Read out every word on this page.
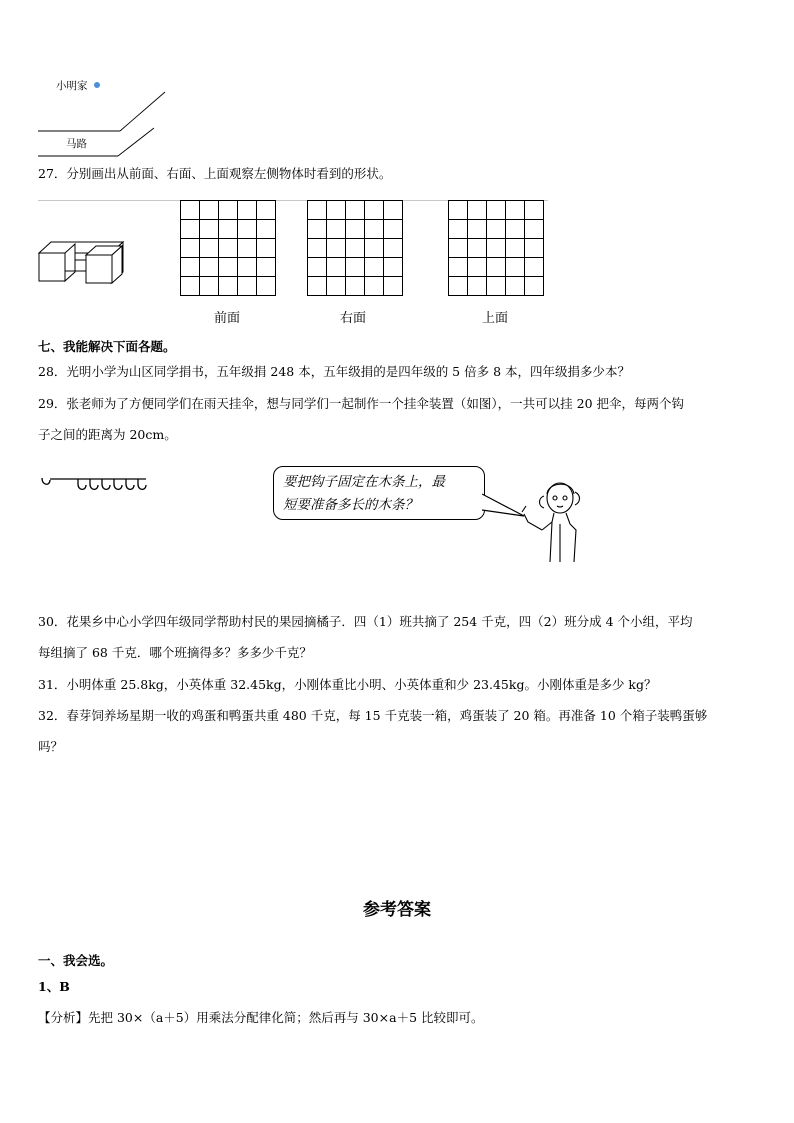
小明家
马路
27．分别画出从前面、右面、上面观察左侧物体时看到的形状。

前面	右面	上面
七、我能解决下面各题。
28．光明小学为山区同学捐书，五年级捐 248 本，五年级捐的是四年级的 5 倍多 8 本，四年级捐多少本？
29．张老师为了方便同学们在雨天挂伞，想与同学们一起制作一个挂伞装置（如图），一共可以挂 20 把伞，每两个钩
子之间的距离为 20cm。
要把钩子固定在木条上，最
短要准备多长的木条？
30．花果乡中心小学四年级同学帮助村民的果园摘橘子．四（1）班共摘了 254 千克，四（2）班分成 4 个小组，平均
每组摘了 68 千克．哪个班摘得多？多多少千克？
31．小明体重 25.8kg，小英体重 32.45kg，小刚体重比小明、小英体重和少 23.45kg。小刚体重是多少 kg？
32．春芽饲养场星期一收的鸡蛋和鸭蛋共重 480 千克，每 15 千克装一箱，鸡蛋装了 20 箱。再准备 10 个箱子装鸭蛋够
吗？
参考答案
一、我会选。
1、B
【分析】先把 30×（a＋5）用乘法分配律化简；然后再与 30×a＋5 比较即可。
